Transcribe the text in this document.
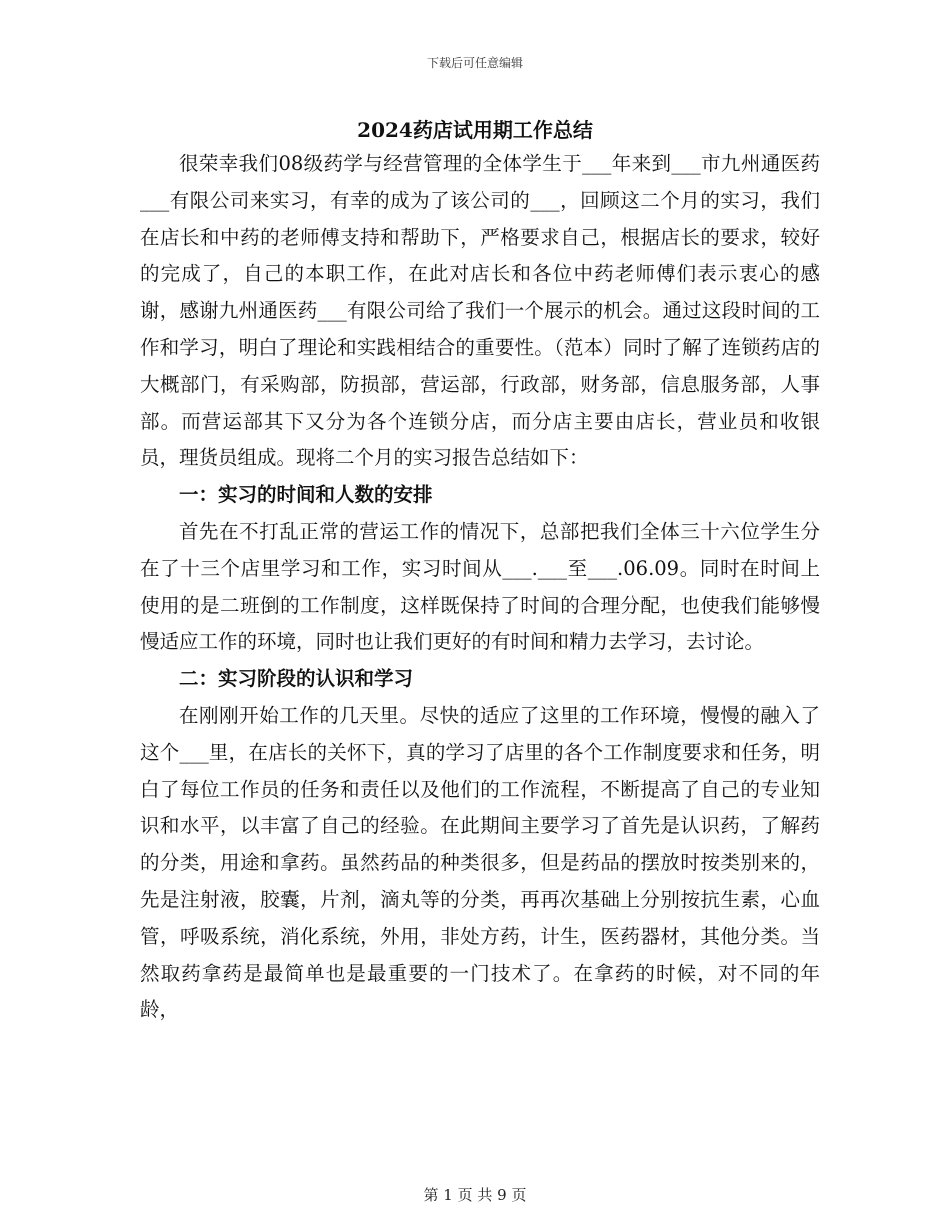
下载后可任意编辑
2024药店试用期工作总结

很荣幸我们08级药学与经营管理的全体学生于___年来到___市九州通医药___有限公司来实习，有幸的成为了该公司的___，回顾这二个月的实习，我们在店长和中药的老师傅支持和帮助下，严格要求自己，根据店长的要求，较好的完成了，自己的本职工作，在此对店长和各位中药老师傅们表示衷心的感谢，感谢九州通医药___有限公司给了我们一个展示的机会。通过这段时间的工作和学习，明白了理论和实践相结合的重要性。（范本）同时了解了连锁药店的大概部门，有采购部，防损部，营运部，行政部，财务部，信息服务部，人事部。而营运部其下又分为各个连锁分店，而分店主要由店长，营业员和收银员，理货员组成。现将二个月的实习报告总结如下：

一：实习的时间和人数的安排

首先在不打乱正常的营运工作的情况下，总部把我们全体三十六位学生分在了十三个店里学习和工作，实习时间从___.___至___.06.09。同时在时间上使用的是二班倒的工作制度，这样既保持了时间的合理分配，也使我们能够慢慢适应工作的环境，同时也让我们更好的有时间和精力去学习，去讨论。

二：实习阶段的认识和学习

在刚刚开始工作的几天里。尽快的适应了这里的工作环境，慢慢的融入了这个___里，在店长的关怀下，真的学习了店里的各个工作制度要求和任务，明白了每位工作员的任务和责任以及他们的工作流程，不断提高了自己的专业知识和水平，以丰富了自己的经验。在此期间主要学习了首先是认识药，了解药的分类，用途和拿药。虽然药品的种类很多，但是药品的摆放时按类别来的，先是注射液，胶囊，片剂，滴丸等的分类，再再次基础上分别按抗生素，心血管，呼吸系统，消化系统，外用，非处方药，计生，医药器材，其他分类。当然取药拿药是最简单也是最重要的一门技术了。在拿药的时候，对不同的年龄，

第 1 页 共 9 页
